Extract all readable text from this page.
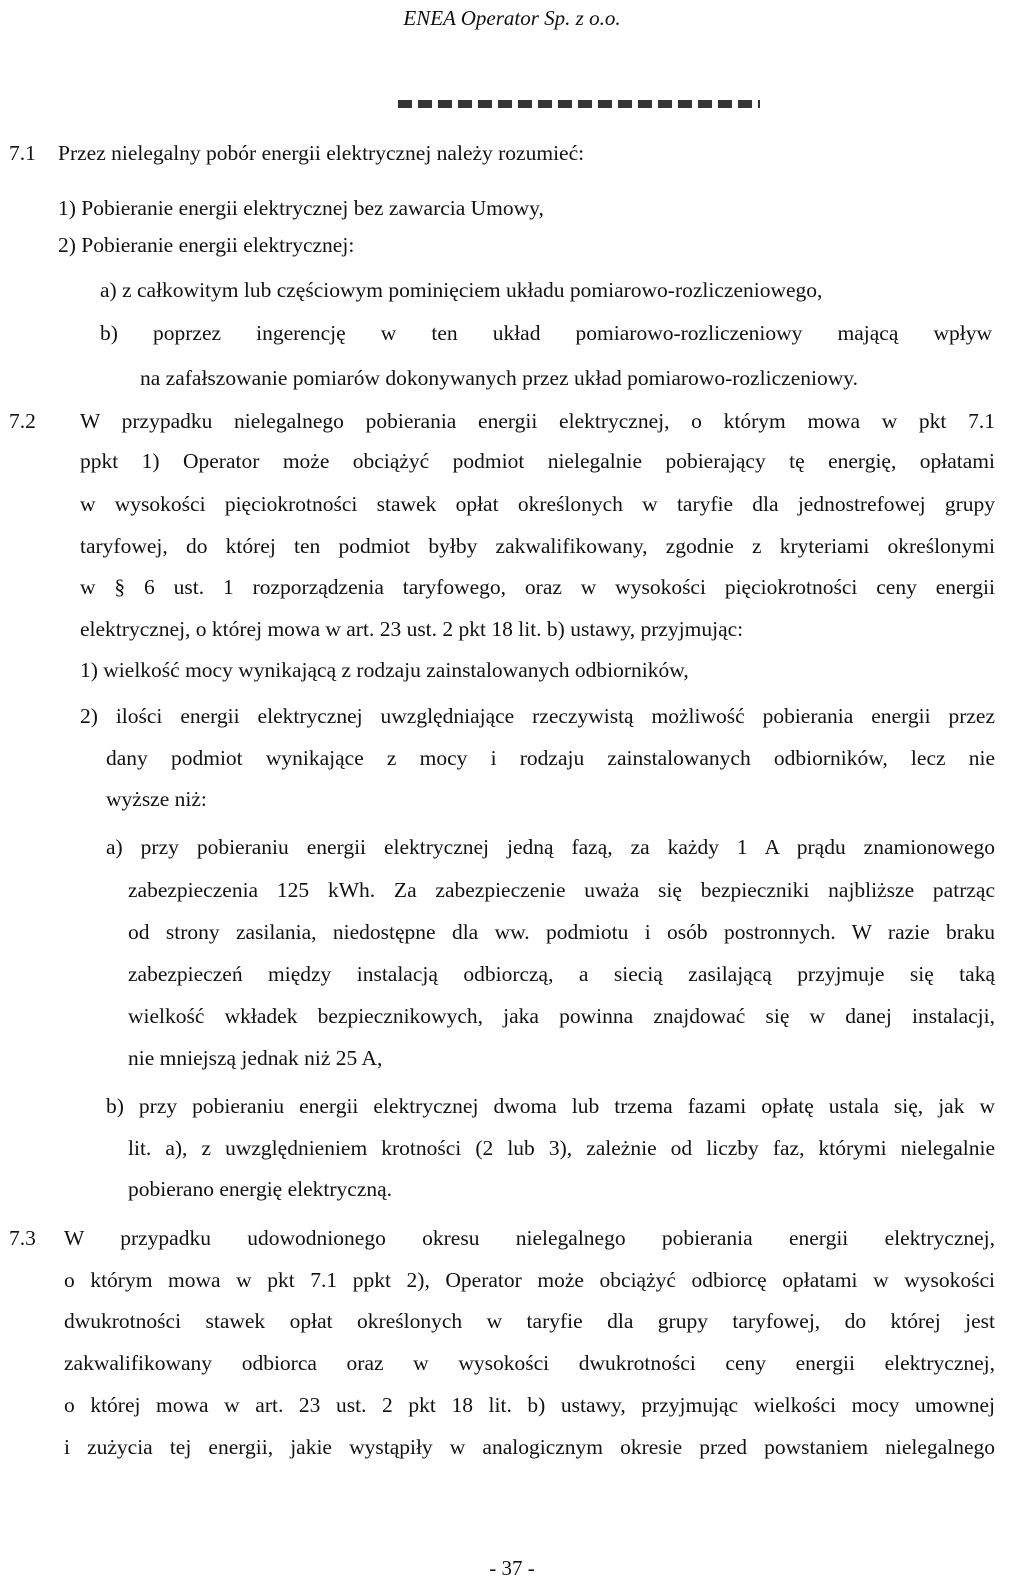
ENEA Operator Sp. z o.o.
7.1 Przez nielegalny pobór energii elektrycznej należy rozumieć:
1) Pobieranie energii elektrycznej bez zawarcia Umowy,
2) Pobieranie energii elektrycznej:
a) z całkowitym lub częściowym pominięciem układu pomiarowo-rozliczeniowego,
b) poprzez ingerencję w ten układ pomiarowo-rozliczeniowy mającą wpływ
na zafałszowanie pomiarów dokonywanych przez układ pomiarowo-rozliczeniowy.
7.2 W przypadku nielegalnego pobierania energii elektrycznej, o którym mowa w pkt 7.1
ppkt 1) Operator może obciążyć podmiot nielegalnie pobierający tę energię, opłatami
w wysokości pięciokrotności stawek opłat określonych w taryfie dla jednostrefowej grupy
taryfowej, do której ten podmiot byłby zakwalifikowany, zgodnie z kryteriami określonymi
w § 6 ust. 1 rozporządzenia taryfowego, oraz w wysokości pięciokrotności ceny energii
elektrycznej, o której mowa w art. 23 ust. 2 pkt 18 lit. b) ustawy, przyjmując:
1) wielkość mocy wynikającą z rodzaju zainstalowanych odbiorników,
2) ilości energii elektrycznej uwzględniające rzeczywistą możliwość pobierania energii przez
dany podmiot wynikające z mocy i rodzaju zainstalowanych odbiorników, lecz nie
wyższe niż:
a) przy pobieraniu energii elektrycznej jedną fazą, za każdy 1 A prądu znamionowego
zabezpieczenia 125 kWh. Za zabezpieczenie uważa się bezpieczniki najbliższe patrząc
od strony zasilania, niedostępne dla ww. podmiotu i osób postronnych. W razie braku
zabezpieczeń między instalacją odbiorczą, a siecią zasilającą przyjmuje się taką
wielkość wkładek bezpiecznikowych, jaka powinna znajdować się w danej instalacji,
nie mniejszą jednak niż 25 A,
b) przy pobieraniu energii elektrycznej dwoma lub trzema fazami opłatę ustala się, jak w
lit. a), z uwzględnieniem krotności (2 lub 3), zależnie od liczby faz, którymi nielegalnie
pobierano energię elektryczną.
7.3 W przypadku udowodnionego okresu nielegalnego pobierania energii elektrycznej,
o którym mowa w pkt 7.1 ppkt 2), Operator może obciążyć odbiorcę opłatami w wysokości
dwukrotności stawek opłat określonych w taryfie dla grupy taryfowej, do której jest
zakwalifikowany odbiorca oraz w wysokości dwukrotności ceny energii elektrycznej,
o której mowa w art. 23 ust. 2 pkt 18 lit. b) ustawy, przyjmując wielkości mocy umownej
i zużycia tej energii, jakie wystąpiły w analogicznym okresie przed powstaniem nielegalnego
- 37 -
